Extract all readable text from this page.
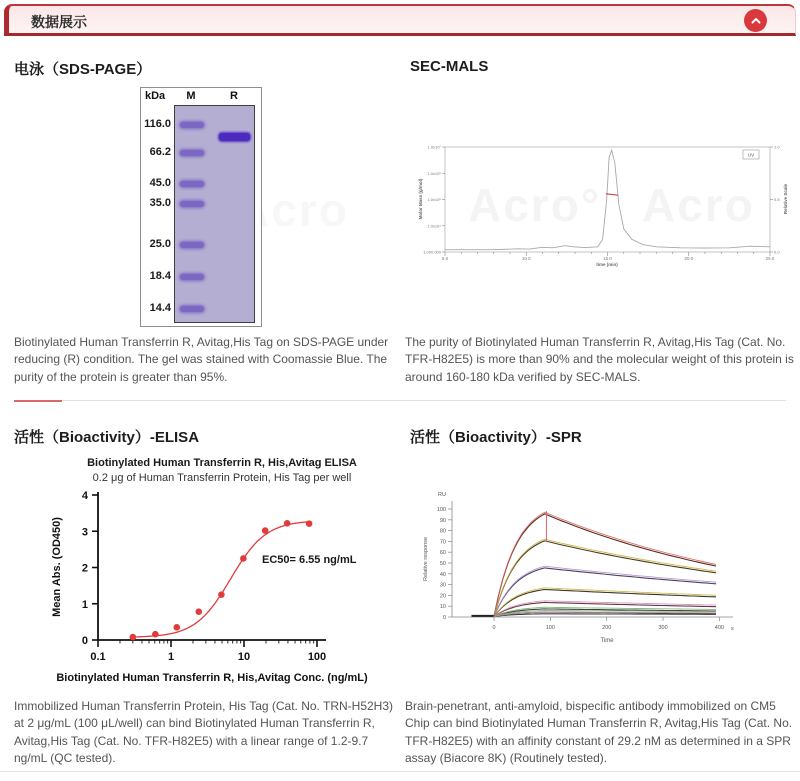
数据展示
电泳（SDS-PAGE）	SEC-MALS
活性（Bioactivity）-ELISA	活性（Bioactivity）-SPR
Acro	Acro° Acro
kDa	M	R
116.0
66.2
45.0
35.0
25.0
18.4
14.4
Biotinylated Human Transferrin R, Avitag,His Tag on SDS-PAGE under reducing (R) condition. The gel was stained with Coomassie Blue. The purity of the protein is greater than 95%.
The purity of Biotinylated Human Transferrin R, Avitag,His Tag (Cat. No. TFR-H82E5) is more than 90% and the molecular weight of this protein is around 160-180 kDa verified by SEC-MALS.
Immobilized Human Transferrin Protein, His Tag (Cat. No. TRN-H52H3) at 2 μg/mL (100 μL/well) can bind Biotinylated Human Transferrin R, Avitag,His Tag (Cat. No. TFR-H82E5) with a linear range of 1.2-9.7 ng/mL (QC tested).
Brain-penetrant, anti-amyloid, bispecific antibody immobilized on CM5 Chip can bind Biotinylated Human Transferrin R, Avitag,His Tag (Cat. No. TFR-H82E5) with an affinity constant of 29.2 nM as determined in a SPR assay (Biacore 8K) (Routinely tested).
5.0	10.0	15.0	20.0	25.0
time (min)
1.0x10⁷
1.0x10⁶
1.0x10⁵
1.0x10⁴
1,000.000
Molar Mass (g/mol)
1.0
0.5
0.0
Relative Scale
UV
Biotinylated Human Transferrin R, His,Avitag ELISA
0.2 μg of Human Transferrin Protein, His Tag per well
0
1
2
3
4
0.1	1	10	100
Mean Abs. (OD450)
Biotinylated Human Transferrin R, His,Avitag Conc. (ng/mL)
EC50= 6.55 ng/mL
0
10
20
30
40
50
60
70
80
90
100
RU
0	100	200	300	400
Time
s
Relative response
